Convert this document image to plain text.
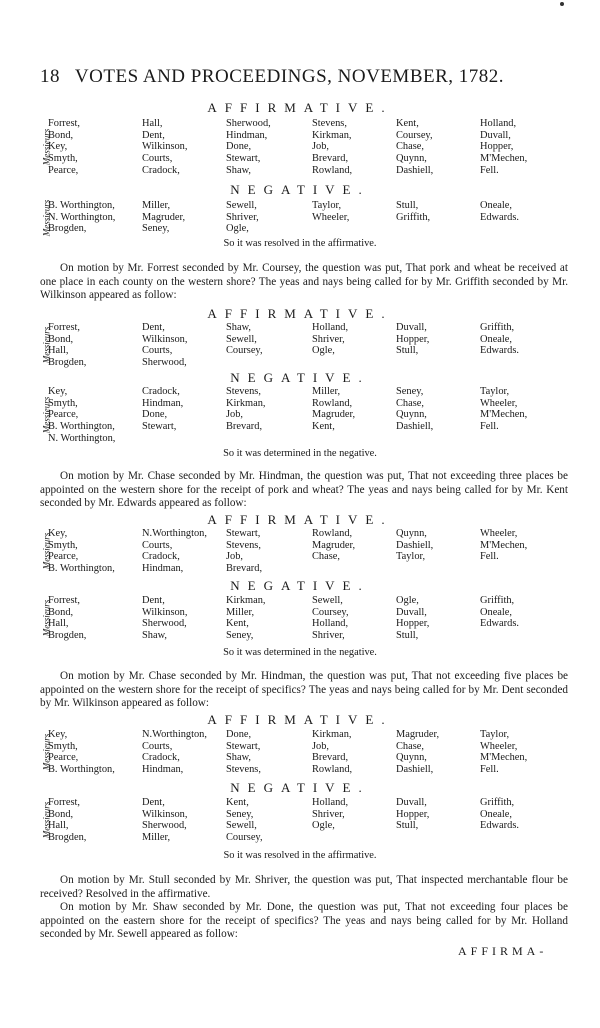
18 VOTES AND PROCEEDINGS, NOVEMBER, 1782.
AFFIRMATIVE.
Messieurs
Forrest,	Hall,	Sherwood,	Stevens,	Kent,	Holland,
Bond,	Dent,	Hindman,	Kirkman,	Coursey,	Duvall,
Key,	Wilkinson,	Done,	Job,	Chase,	Hopper,
Smyth,	Courts,	Stewart,	Brevard,	Quynn,	M'Mechen,
Pearce,	Cradock,	Shaw,	Rowland,	Dashiell,	Fell.
NEGATIVE.
Messieurs
B. Worthington,	Miller,	Sewell,	Taylor,	Stull,	Oneale,
N. Worthington,	Magruder,	Shriver,	Wheeler,	Griffith,	Edwards.
Brogden,	Seney,	Ogle,
So it was resolved in the affirmative.

On motion by Mr. Forrest seconded by Mr. Coursey, the question was put, That pork and wheat be received at one place in each county on the western shore? The yeas and nays being called for by Mr. Griffith seconded by Mr. Wilkinson appeared as follow:

AFFIRMATIVE.
Messieurs
Forrest,	Dent,	Shaw,	Holland,	Duvall,	Griffith,
Bond,	Wilkinson,	Sewell,	Shriver,	Hopper,	Oneale,
Hall,	Courts,	Coursey,	Ogle,	Stull,	Edwards.
Brogden,	Sherwood,
NEGATIVE.
Messieurs
Key,	Cradock,	Stevens,	Miller,	Seney,	Taylor,
Smyth,	Hindman,	Kirkman,	Rowland,	Chase,	Wheeler,
Pearce,	Done,	Job,	Magruder,	Quynn,	M'Mechen,
B. Worthington,	Stewart,	Brevard,	Kent,	Dashiell,	Fell.
N. Worthington,
So it was determined in the negative.

On motion by Mr. Chase seconded by Mr. Hindman, the question was put, That not exceeding three places be appointed on the western shore for the receipt of pork and wheat? The yeas and nays being called for by Mr. Kent seconded by Mr. Edwards appeared as follow:

AFFIRMATIVE.
Messieurs
Key,	N.Worthington, Stewart,	Rowland,	Quynn,	Wheeler,
Smyth,	Courts,	Stevens,	Magruder,	Dashiell,	M'Mechen,
Pearce,	Cradock,	Job,	Chase,	Taylor,	Fell.
B. Worthington,	Hindman,	Brevard,
NEGATIVE.
Messieurs
Forrest,	Dent,	Kirkman,	Sewell,	Ogle,	Griffith,
Bond,	Wilkinson,	Miller,	Coursey,	Duvall,	Oneale,
Hall,	Sherwood,	Kent,	Holland,	Hopper,	Edwards.
Brogden,	Shaw,	Seney,	Shriver,	Stull,
So it was determined in the negative.

On motion by Mr. Chase seconded by Mr. Hindman, the question was put, That not exceeding five places be appointed on the western shore for the receipt of specifics? The yeas and nays being called for by Mr. Dent seconded by Mr. Wilkinson appeared as follow:

AFFIRMATIVE.
Messieurs
Key,	N.Worthington, Done,	Kirkman,	Magruder,	Taylor,
Smyth,	Courts,	Stewart,	Job,	Chase,	Wheeler,
Pearce,	Cradock,	Shaw,	Brevard,	Quynn,	M'Mechen,
B. Worthington,	Hindman,	Stevens,	Rowland,	Dashiell,	Fell.
NEGATIVE.
Messieurs
Forrest,	Dent,	Kent,	Holland,	Duvall,	Griffith,
Bond,	Wilkinson,	Seney,	Shriver,	Hopper,	Oneale,
Hall,	Sherwood,	Sewell,	Ogle,	Stull,	Edwards.
Brogden,	Miller,	Coursey,
So it was resolved in the affirmative.

On motion by Mr. Stull seconded by Mr. Shriver, the question was put, That inspected merchantable flour be received? Resolved in the affirmative.

On motion by Mr. Shaw seconded by Mr. Done, the question was put, That not exceeding four places be appointed on the eastern shore for the receipt of specifics? The yeas and nays being called for by Mr. Holland seconded by Mr. Sewell appeared as follow:

AFFIRMA-
